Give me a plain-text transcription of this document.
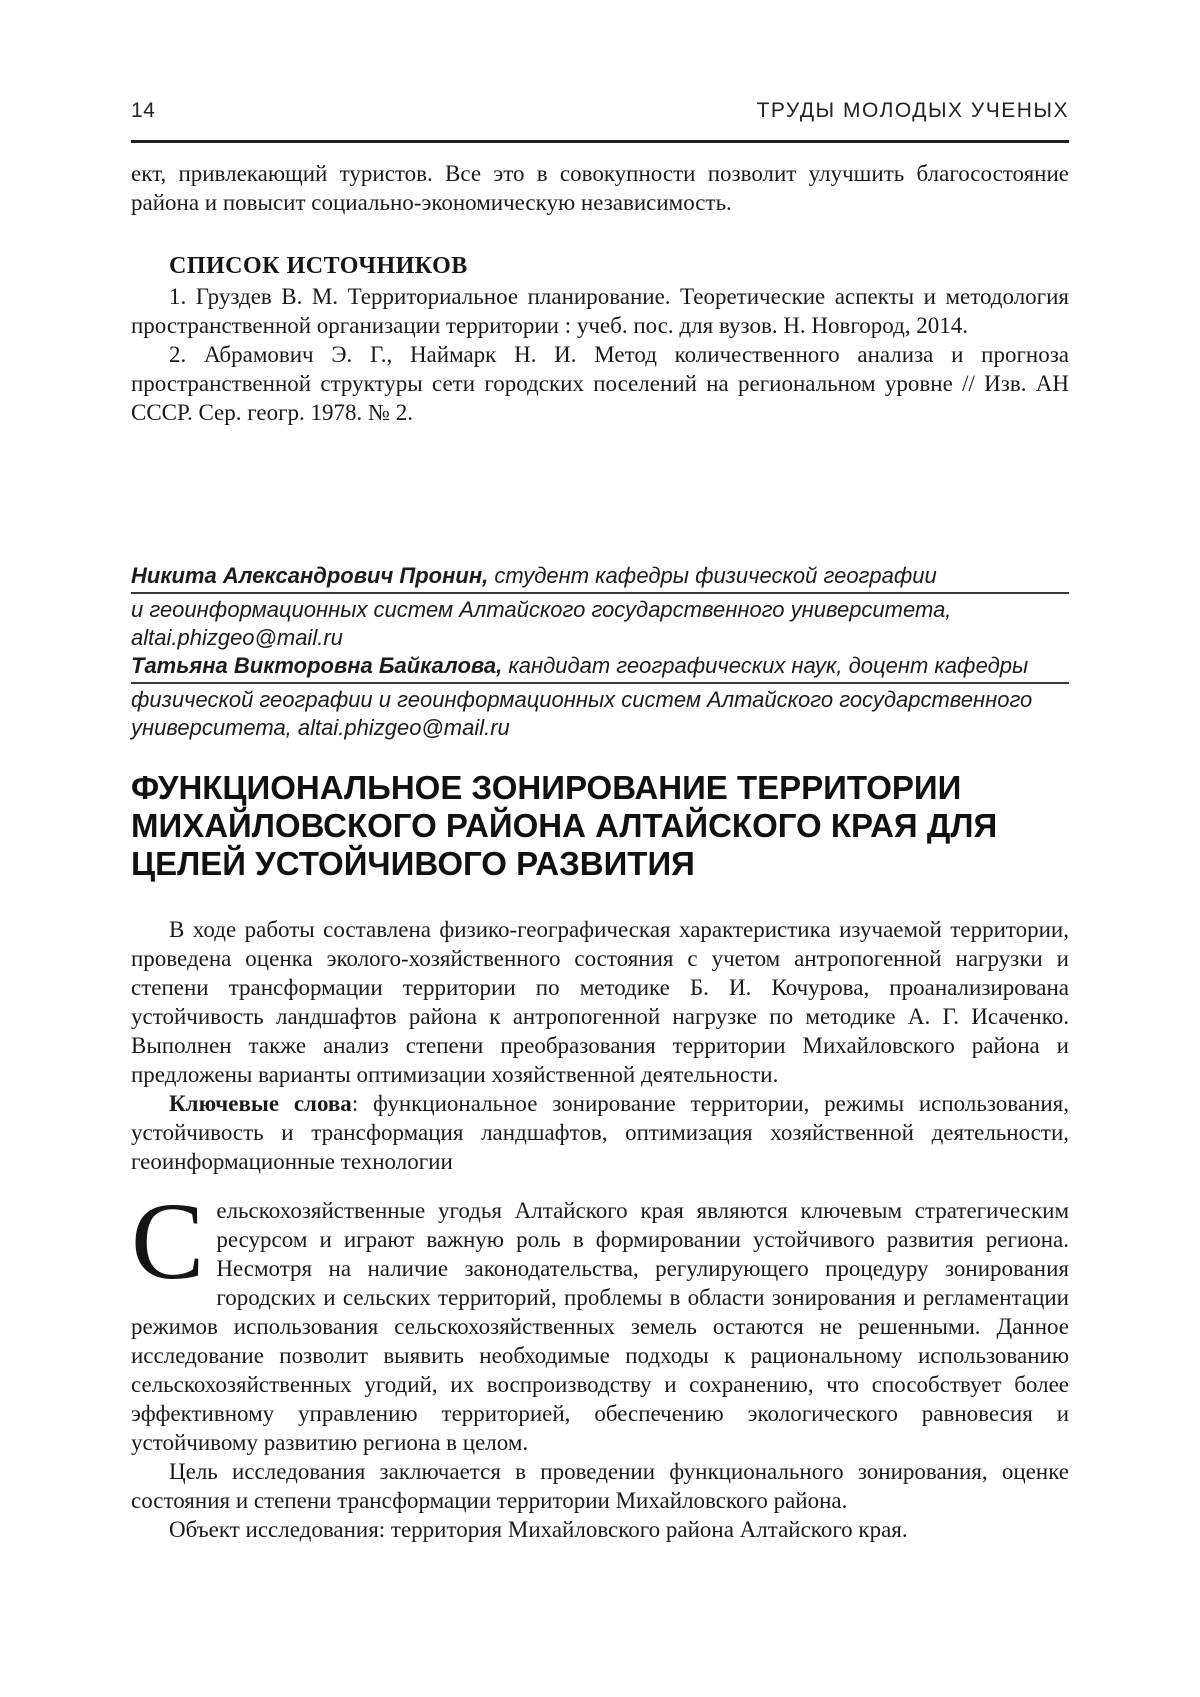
14	ТРУДЫ МОЛОДЫХ УЧЕНЫХ

ект, привлекающий туристов. Все это в совокупности позволит улучшить благосостояние района и повысит социально-экономическую независимость.

СПИСОК ИСТОЧНИКОВ

1. Груздев В. М. Территориальное планирование. Теоретические аспекты и методология пространственной организации территории : учеб. пос. для вузов. Н. Новгород, 2014.

2. Абрамович Э. Г., Наймарк Н. И. Метод количественного анализа и прогноза пространственной структуры сети городских поселений на региональном уровне // Изв. АН СССР. Сер. геогр. 1978. № 2.

Никита Александрович Пронин, студент кафедры физической географии
и геоинформационных систем Алтайского государственного университета,
altai.phizgeo@mail.ru
Татьяна Викторовна Байкалова, кандидат географических наук, доцент кафедры
физической географии и геоинформационных систем Алтайского государственного
университета, altai.phizgeo@mail.ru
ФУНКЦИОНАЛЬНОЕ ЗОНИРОВАНИЕ ТЕРРИТОРИИ МИХАЙЛОВСКОГО РАЙОНА АЛТАЙСКОГО КРАЯ ДЛЯ ЦЕЛЕЙ УСТОЙЧИВОГО РАЗВИТИЯ

В ходе работы составлена физико-географическая характеристика изучаемой территории, проведена оценка эколого-хозяйственного состояния с учетом антропогенной нагрузки и степени трансформации территории по методике Б. И. Кочурова, проанализирована устойчивость ландшафтов района к антропогенной нагрузке по методике А. Г. Исаченко. Выполнен также анализ степени преобразования территории Михайловского района и предложены варианты оптимизации хозяйственной деятельности.

Ключевые слова: функциональное зонирование территории, режимы использования, устойчивость и трансформация ландшафтов, оптимизация хозяйственной деятельности, геоинформационные технологии

Сельскохозяйственные угодья Алтайского края являются ключевым стратегическим ресурсом и играют важную роль в формировании устойчивого развития региона. Несмотря на наличие законодательства, регулирующего процедуру зонирования городских и сельских территорий, проблемы в области зонирования и регламентации режимов использования сельскохозяйственных земель остаются не решенными. Данное исследование позволит выявить необходимые подходы к рациональному использованию сельскохозяйственных угодий, их воспроизводству и сохранению, что способствует более эффективному управлению территорией, обеспечению экологического равновесия и устойчивому развитию региона в целом.

Цель исследования заключается в проведении функционального зонирования, оценке состояния и степени трансформации территории Михайловского района.

Объект исследования: территория Михайловского района Алтайского края.
